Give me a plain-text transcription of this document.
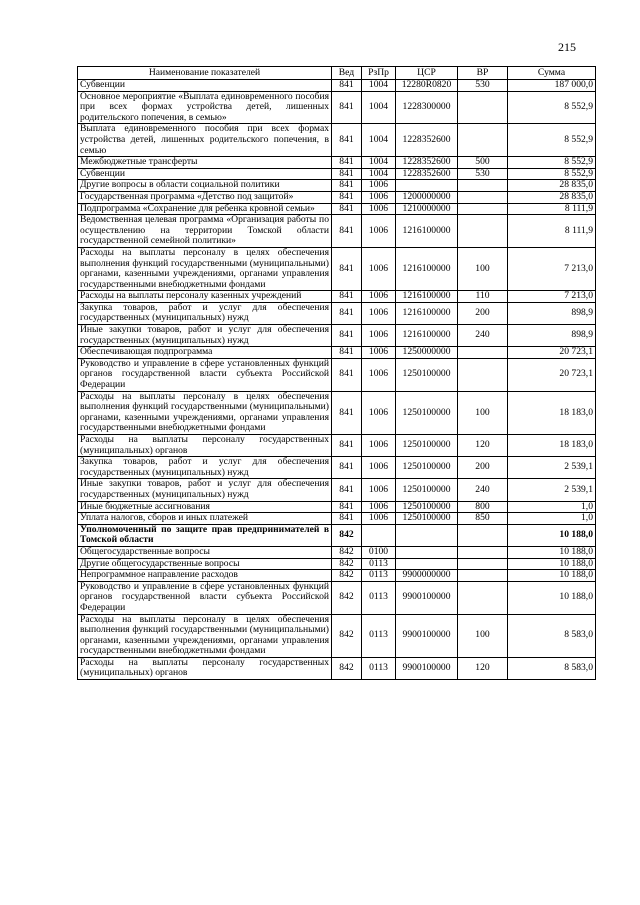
215
Наименование показателей	Вед	РзПр	ЦСР	ВР	Сумма
Субвенции	841	1004	12280R0820	530	187 000,0
Основное мероприятие «Выплата единовременного пособия при всех формах устройства детей, лишенных родительского попечения, в семью»	841	1004	1228300000		8 552,9
Выплата единовременного пособия при всех формах устройства детей, лишенных родительского попечения, в семью	841	1004	1228352600		8 552,9
Межбюджетные трансферты	841	1004	1228352600	500	8 552,9
Субвенции	841	1004	1228352600	530	8 552,9
Другие вопросы в области социальной политики	841	1006			28 835,0
Государственная программа «Детство под защитой»	841	1006	1200000000		28 835,0
Подпрограмма «Сохранение для ребенка кровной семьи»	841	1006	1210000000		8 111,9
Ведомственная целевая программа «Организация работы по осуществлению на территории Томской области государственной семейной политики»	841	1006	1216100000		8 111,9
Расходы на выплаты персоналу в целях обеспечения выполнения функций государственными (муниципальными) органами, казенными учреждениями, органами управления государственными внебюджетными фондами	841	1006	1216100000	100	7 213,0
Расходы на выплаты персоналу казенных учреждений	841	1006	1216100000	110	7 213,0
Закупка товаров, работ и услуг для обеспечения государственных (муниципальных) нужд	841	1006	1216100000	200	898,9
Иные закупки товаров, работ и услуг для обеспечения государственных (муниципальных) нужд	841	1006	1216100000	240	898,9
Обеспечивающая подпрограмма	841	1006	1250000000		20 723,1
Руководство и управление в сфере установленных функций органов государственной власти субъекта Российской Федерации	841	1006	1250100000		20 723,1
Расходы на выплаты персоналу в целях обеспечения выполнения функций государственными (муниципальными) органами, казенными учреждениями, органами управления государственными внебюджетными фондами	841	1006	1250100000	100	18 183,0
Расходы на выплаты персоналу государственных (муниципальных) органов	841	1006	1250100000	120	18 183,0
Закупка товаров, работ и услуг для обеспечения государственных (муниципальных) нужд	841	1006	1250100000	200	2 539,1
Иные закупки товаров, работ и услуг для обеспечения государственных (муниципальных) нужд	841	1006	1250100000	240	2 539,1
Иные бюджетные ассигнования	841	1006	1250100000	800	1,0
Уплата налогов, сборов и иных платежей	841	1006	1250100000	850	1,0
Уполномоченный по защите прав предпринимателей в Томской области	842				10 188,0
Общегосударственные вопросы	842	0100			10 188,0
Другие общегосударственные вопросы	842	0113			10 188,0
Непрограммное направление расходов	842	0113	9900000000		10 188,0
Руководство и управление в сфере установленных функций органов государственной власти субъекта Российской Федерации	842	0113	9900100000		10 188,0
Расходы на выплаты персоналу в целях обеспечения выполнения функций государственными (муниципальными) органами, казенными учреждениями, органами управления государственными внебюджетными фондами	842	0113	9900100000	100	8 583,0
Расходы на выплаты персоналу государственных (муниципальных) органов	842	0113	9900100000	120	8 583,0
